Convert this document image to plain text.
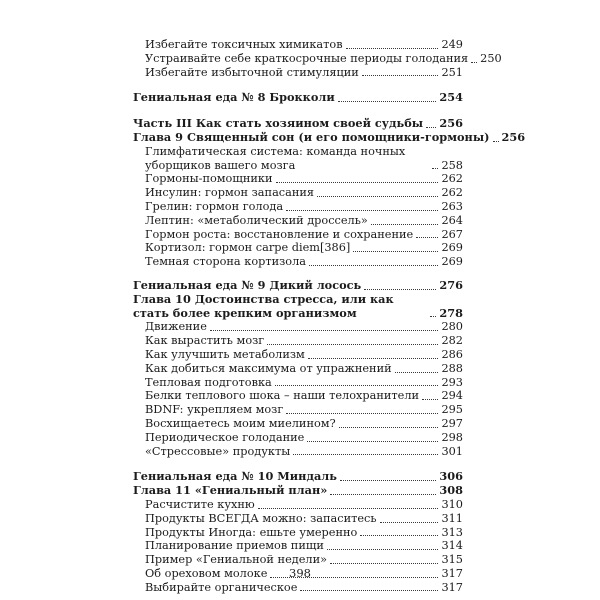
Избегайте токсичных химикатов	249
Устраивайте себе краткосрочные периоды голодания 250
Избегайте избыточной стимуляции	251
Гениальная еда № 8 Брокколи	254
Часть III Как стать хозяином своей судьбы 256
Глава 9 Священный сон (и его помощники-гормоны) 256
Глимфатическая система: команда ночных уборщиков вашего мозга	258
Гормоны-помощники	262
Инсулин: гормон запасания	262
Грелин: гормон голода	263
Лептин: «метаболический дроссель»	264
Гормон роста: восстановление и сохранение 267
Кортизол: гормон carpe diem[386]	269
Темная сторона кортизола	269
Гениальная еда № 9 Дикий лосось	276
Глава 10 Достоинства стресса, или как стать более крепким организмом	278
Движение	280
Как вырастить мозг	282
Как улучшить метаболизм	286
Как добиться максимума от упражнений	288
Тепловая подготовка	293
Белки теплового шока – наши телохранители 294
BDNF: укрепляем мозг	295
Восхищаетесь моим миелином?	297
Периодическое голодание	298
«Стрессовые» продукты	301
Гениальная еда № 10 Миндаль	306
Глава 11 «Гениальный план»	308
Расчистите кухню	310
Продукты ВСЕГДА можно: запаситесь	311
Продукты Иногда: ешьте умеренно	313
Планирование приемов пищи	314
Пример «Гениальной недели»	315
Об ореховом молоке	317
Выбирайте органическое	317
398
